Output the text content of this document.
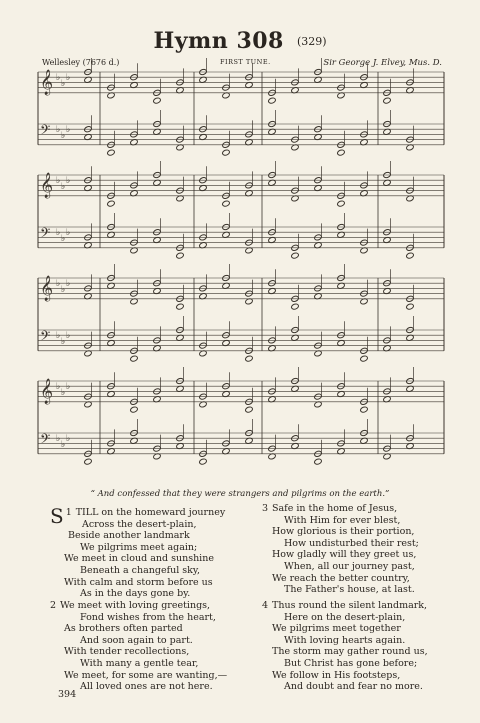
Hymn 308 (329)
Wellesley (7676 d.)	FIRST TUNE.	Sir George J. Elvey, Mus. D.
𝄞 ♭
♭
♭
𝄢 ♭
♭
♭
𝄞 ♭
♭
♭
𝄢 ♭
♭
♭
𝄞 ♭
♭
♭
𝄢 ♭
♭
♭
𝄞 ♭
♭
♭
𝄢 ♭
♭
♭
“ And confessed that they were strangers and pilgrims on the earth.”
1
S TILL on the homeward journey
Across the desert-plain,
Beside another landmark
We pilgrims meet again;
We meet in cloud and sunshine
Beneath a changeful sky,
With calm and storm before us
As in the days gone by.
2 We meet with loving greetings,
Fond wishes from the heart,
As brothers often parted
And soon again to part.
With tender recollections,
With many a gentle tear,
We meet, for some are wanting,—
All loved ones are not here.
3 Safe in the home of Jesus,
With Him for ever blest,
How glorious is their portion,
How undisturbed their rest;
How gladly will they greet us,
When, all our journey past,
We reach the better country,
The Father's house, at last.
4 Thus round the silent landmark,
Here on the desert-plain,
We pilgrims meet together
With loving hearts again.
The storm may gather round us,
But Christ has gone before;
We follow in His footsteps,
And doubt and fear no more.
394
